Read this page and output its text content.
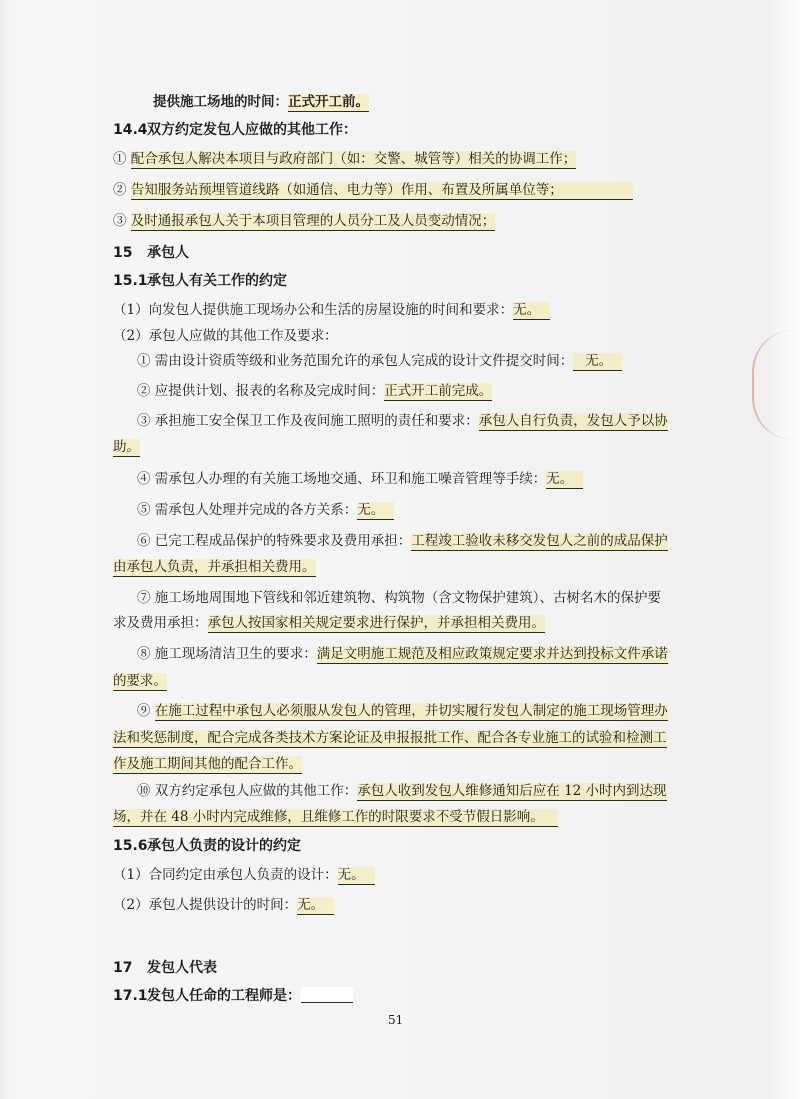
提供施工场地的时间：正式开工前。
14.4双方约定发包人应做的其他工作：
① 配合承包人解决本项目与政府部门（如：交警、城管等）相关的协调工作；
② 告知服务站预埋管道线路（如通信、电力等）作用、布置及所属单位等；
③ 及时通报承包人关于本项目管理的人员分工及人员变动情况；
15 承包人
15.1承包人有关工作的约定
（1）向发包人提供施工现场办公和生活的房屋设施的时间和要求：无。
（2）承包人应做的其他工作及要求：
① 需由设计资质等级和业务范围允许的承包人完成的设计文件提交时间： 无。
② 应提供计划、报表的名称及完成时间：正式开工前完成。
③ 承担施工安全保卫工作及夜间施工照明的责任和要求：承包人自行负责，发包人予以协
助。
④ 需承包人办理的有关施工场地交通、环卫和施工噪音管理等手续：无。
⑤ 需承包人处理并完成的各方关系：无。
⑥ 已完工程成品保护的特殊要求及费用承担：工程竣工验收未移交发包人之前的成品保护
由承包人负责，并承担相关费用。
⑦ 施工场地周围地下管线和邻近建筑物、构筑物（含文物保护建筑）、古树名木的保护要
求及费用承担：承包人按国家相关规定要求进行保护，并承担相关费用。
⑧ 施工现场清洁卫生的要求：满足文明施工规范及相应政策规定要求并达到投标文件承诺
的要求。
⑨ 在施工过程中承包人必须服从发包人的管理，并切实履行发包人制定的施工现场管理办
法和奖惩制度，配合完成各类技术方案论证及申报报批工作、配合各专业施工的试验和检测工
作及施工期间其他的配合工作。
⑩ 双方约定承包人应做的其他工作：承包人收到发包人维修通知后应在 12 小时内到达现
场，并在 48 小时内完成维修，且维修工作的时限要求不受节假日影响。
15.6承包人负责的设计的约定
（1）合同约定由承包人负责的设计：无。
（2）承包人提供设计的时间：无。
17 发包人代表
17.1发包人任命的工程师是：
51
